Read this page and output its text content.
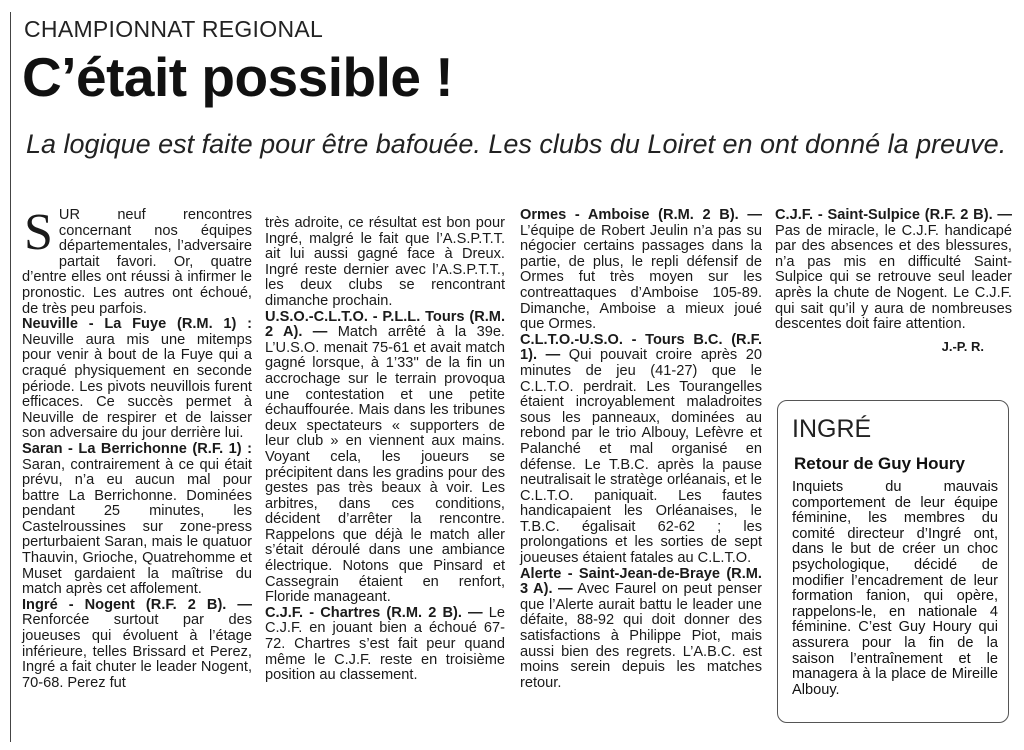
CHAMPIONNAT REGIONAL
C’était possible !
La logique est faite pour être bafouée. Les clubs du Loiret en ont donné la preuve.

SUR neuf rencontres concernant nos équipes départementales, l’adversaire partait favori. Or, quatre d’entre elles ont réussi à infirmer le pronostic. Les autres ont échoué, de très peu parfois.

Neuville - La Fuye (R.M. 1) : Neuville aura mis une mitemps pour venir à bout de la Fuye qui a craqué physiquement en seconde période. Les pivots neuvillois furent efficaces. Ce succès permet à Neuville de respirer et de laisser son adversaire du jour derrière lui.

Saran - La Berrichonne (R.F. 1) : Saran, contrairement à ce qui était prévu, n’a eu aucun mal pour battre La Berrichonne. Dominées pendant 25 minutes, les Castelroussines sur zone-press perturbaient Saran, mais le quatuor Thauvin, Grioche, Quatrehomme et Muset gardaient la maîtrise du match après cet affolement.

Ingré - Nogent (R.F. 2 B). — Renforcée surtout par des joueuses qui évoluent à l’étage inférieure, telles Brissard et Perez, Ingré a fait chuter le leader Nogent, 70-68. Perez fut

très adroite, ce résultat est bon pour Ingré, malgré le fait que l’A.S.P.T.T. ait lui aussi gagné face à Dreux. Ingré reste dernier avec l’A.S.P.T.T., les deux clubs se rencontrant dimanche prochain.

U.S.O.-C.L.T.O. - P.L.L. Tours (R.M. 2 A). — Match arrêté à la 39e. L’U.S.O. menait 75-61 et avait match gagné lorsque, à 1’33'' de la fin un accrochage sur le terrain provoqua une contestation et une petite échauffourée. Mais dans les tribunes deux spectateurs « supporters de leur club » en viennent aux mains. Voyant cela, les joueurs se précipitent dans les gradins pour des gestes pas très beaux à voir. Les arbitres, dans ces conditions, décident d’arrêter la rencontre. Rappelons que déjà le match aller s’était déroulé dans une ambiance électrique. Notons que Pinsard et Cassegrain étaient en renfort, Floride manageant.

C.J.F. - Chartres (R.M. 2 B). — Le C.J.F. en jouant bien a échoué 67-72. Chartres s’est fait peur quand même le C.J.F. reste en troisième position au classement.

Ormes - Amboise (R.M. 2 B). — L’équipe de Robert Jeulin n’a pas su négocier certains passages dans la partie, de plus, le repli défensif de Ormes fut très moyen sur les contreattaques d’Amboise 105-89. Dimanche, Amboise a mieux joué que Ormes.

C.L.T.O.-U.S.O. - Tours B.C. (R.F. 1). — Qui pouvait croire après 20 minutes de jeu (41-27) que le C.L.T.O. perdrait. Les Tourangelles étaient incroyablement maladroites sous les panneaux, dominées au rebond par le trio Albouy, Lefèvre et Palanché et mal organisé en défense. Le T.B.C. après la pause neutralisait le stratège orléanais, et le C.L.T.O. paniquait. Les fautes handicapaient les Orléanaises, le T.B.C. égalisait 62-62 ; les prolongations et les sorties de sept joueuses étaient fatales au C.L.T.O.

Alerte - Saint-Jean-de-Braye (R.M. 3 A). — Avec Faurel on peut penser que l’Alerte aurait battu le leader une défaite, 88-92 qui doit donner des satisfactions à Philippe Piot, mais aussi bien des regrets. L’A.B.C. est moins serein depuis les matches retour.

C.J.F. - Saint-Sulpice (R.F. 2 B). — Pas de miracle, le C.J.F. handicapé par des absences et des blessures, n’a pas mis en difficulté Saint-Sulpice qui se retrouve seul leader après la chute de Nogent. Le C.J.F. qui sait qu’il y aura de nombreuses descentes doit faire attention.

J.-P. R.

INGRÉ
Retour de Guy Houry

Inquiets du mauvais comportement de leur équipe féminine, les membres du comité directeur d’Ingré ont, dans le but de créer un choc psychologique, décidé de modifier l’encadrement de leur formation fanion, qui opère, rappelons-le, en nationale 4 féminine. C’est Guy Houry qui assurera pour la fin de la saison l’entraînement et le managera à la place de Mireille Albouy.
